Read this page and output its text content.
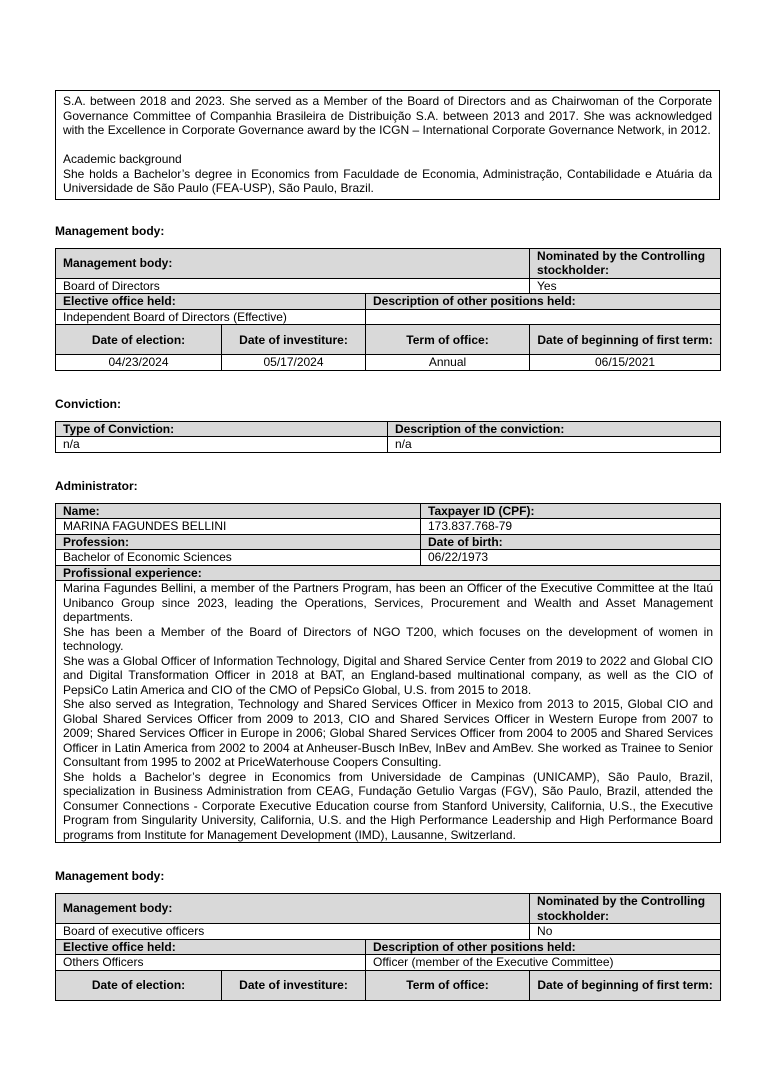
S.A. between 2018 and 2023. She served as a Member of the Board of Directors and as Chairwoman of the Corporate Governance Committee of Companhia Brasileira de Distribuição S.A. between 2013 and 2017. She was acknowledged with the Excellence in Corporate Governance award by the ICGN – International Corporate Governance Network, in 2012.

Academic background

She holds a Bachelor’s degree in Economics from Faculdade de Economia, Administração, Contabilidade e Atuária da Universidade de São Paulo (FEA-USP), São Paulo, Brazil.

Management body:

Management body:			Nominated by the Controlling stockholder:
Board of Directors			Yes
Elective office held:		Description of other positions held:	
Independent Board of Directors (Effective)			
Date of election:	Date of investiture:	Term of office:	Date of beginning of first term:
04/23/2024	05/17/2024	Annual	06/15/2021

Conviction:

Type of Conviction:	Description of the conviction:
n/a	n/a

Administrator:

Name:	Taxpayer ID (CPF):
MARINA FAGUNDES BELLINI	173.837.768-79
Profession:	Date of birth:
Bachelor of Economic Sciences	06/22/1973
Profissional experience:	

Marina Fagundes Bellini, a member of the Partners Program, has been an Officer of the Executive Committee at the Itaú Unibanco Group since 2023, leading the Operations, Services, Procurement and Wealth and Asset Management departments.
She has been a Member of the Board of Directors of NGO T200, which focuses on the development of women in technology.
She was a Global Officer of Information Technology, Digital and Shared Service Center from 2019 to 2022 and Global CIO and Digital Transformation Officer in 2018 at BAT, an England-based multinational company, as well as the CIO of PepsiCo Latin America and CIO of the CMO of PepsiCo Global, U.S. from 2015 to 2018.
She also served as Integration, Technology and Shared Services Officer in Mexico from 2013 to 2015, Global CIO and Global Shared Services Officer from 2009 to 2013, CIO and Shared Services Officer in Western Europe from 2007 to 2009; Shared Services Officer in Europe in 2006; Global Shared Services Officer from 2004 to 2005 and Shared Services Officer in Latin America from 2002 to 2004 at Anheuser-Busch InBev, InBev and AmBev. She worked as Trainee to Senior Consultant from 1995 to 2002 at PriceWaterhouse Coopers Consulting.
She holds a Bachelor’s degree in Economics from Universidade de Campinas (UNICAMP), São Paulo, Brazil, specialization in Business Administration from CEAG, Fundação Getulio Vargas (FGV), São Paulo, Brazil, attended the Consumer Connections - Corporate Executive Education course from Stanford University, California, U.S., the Executive Program from Singularity University, California, U.S. and the High Performance Leadership and High Performance Board programs from Institute for Management Development (IMD), Lausanne, Switzerland.	

Management body:

Management body:			Nominated by the Controlling stockholder:
Board of executive officers			No
Elective office held:		Description of other positions held:	
Others Officers		Officer (member of the Executive Committee)	
Date of election:	Date of investiture:	Term of office:	Date of beginning of first term:
